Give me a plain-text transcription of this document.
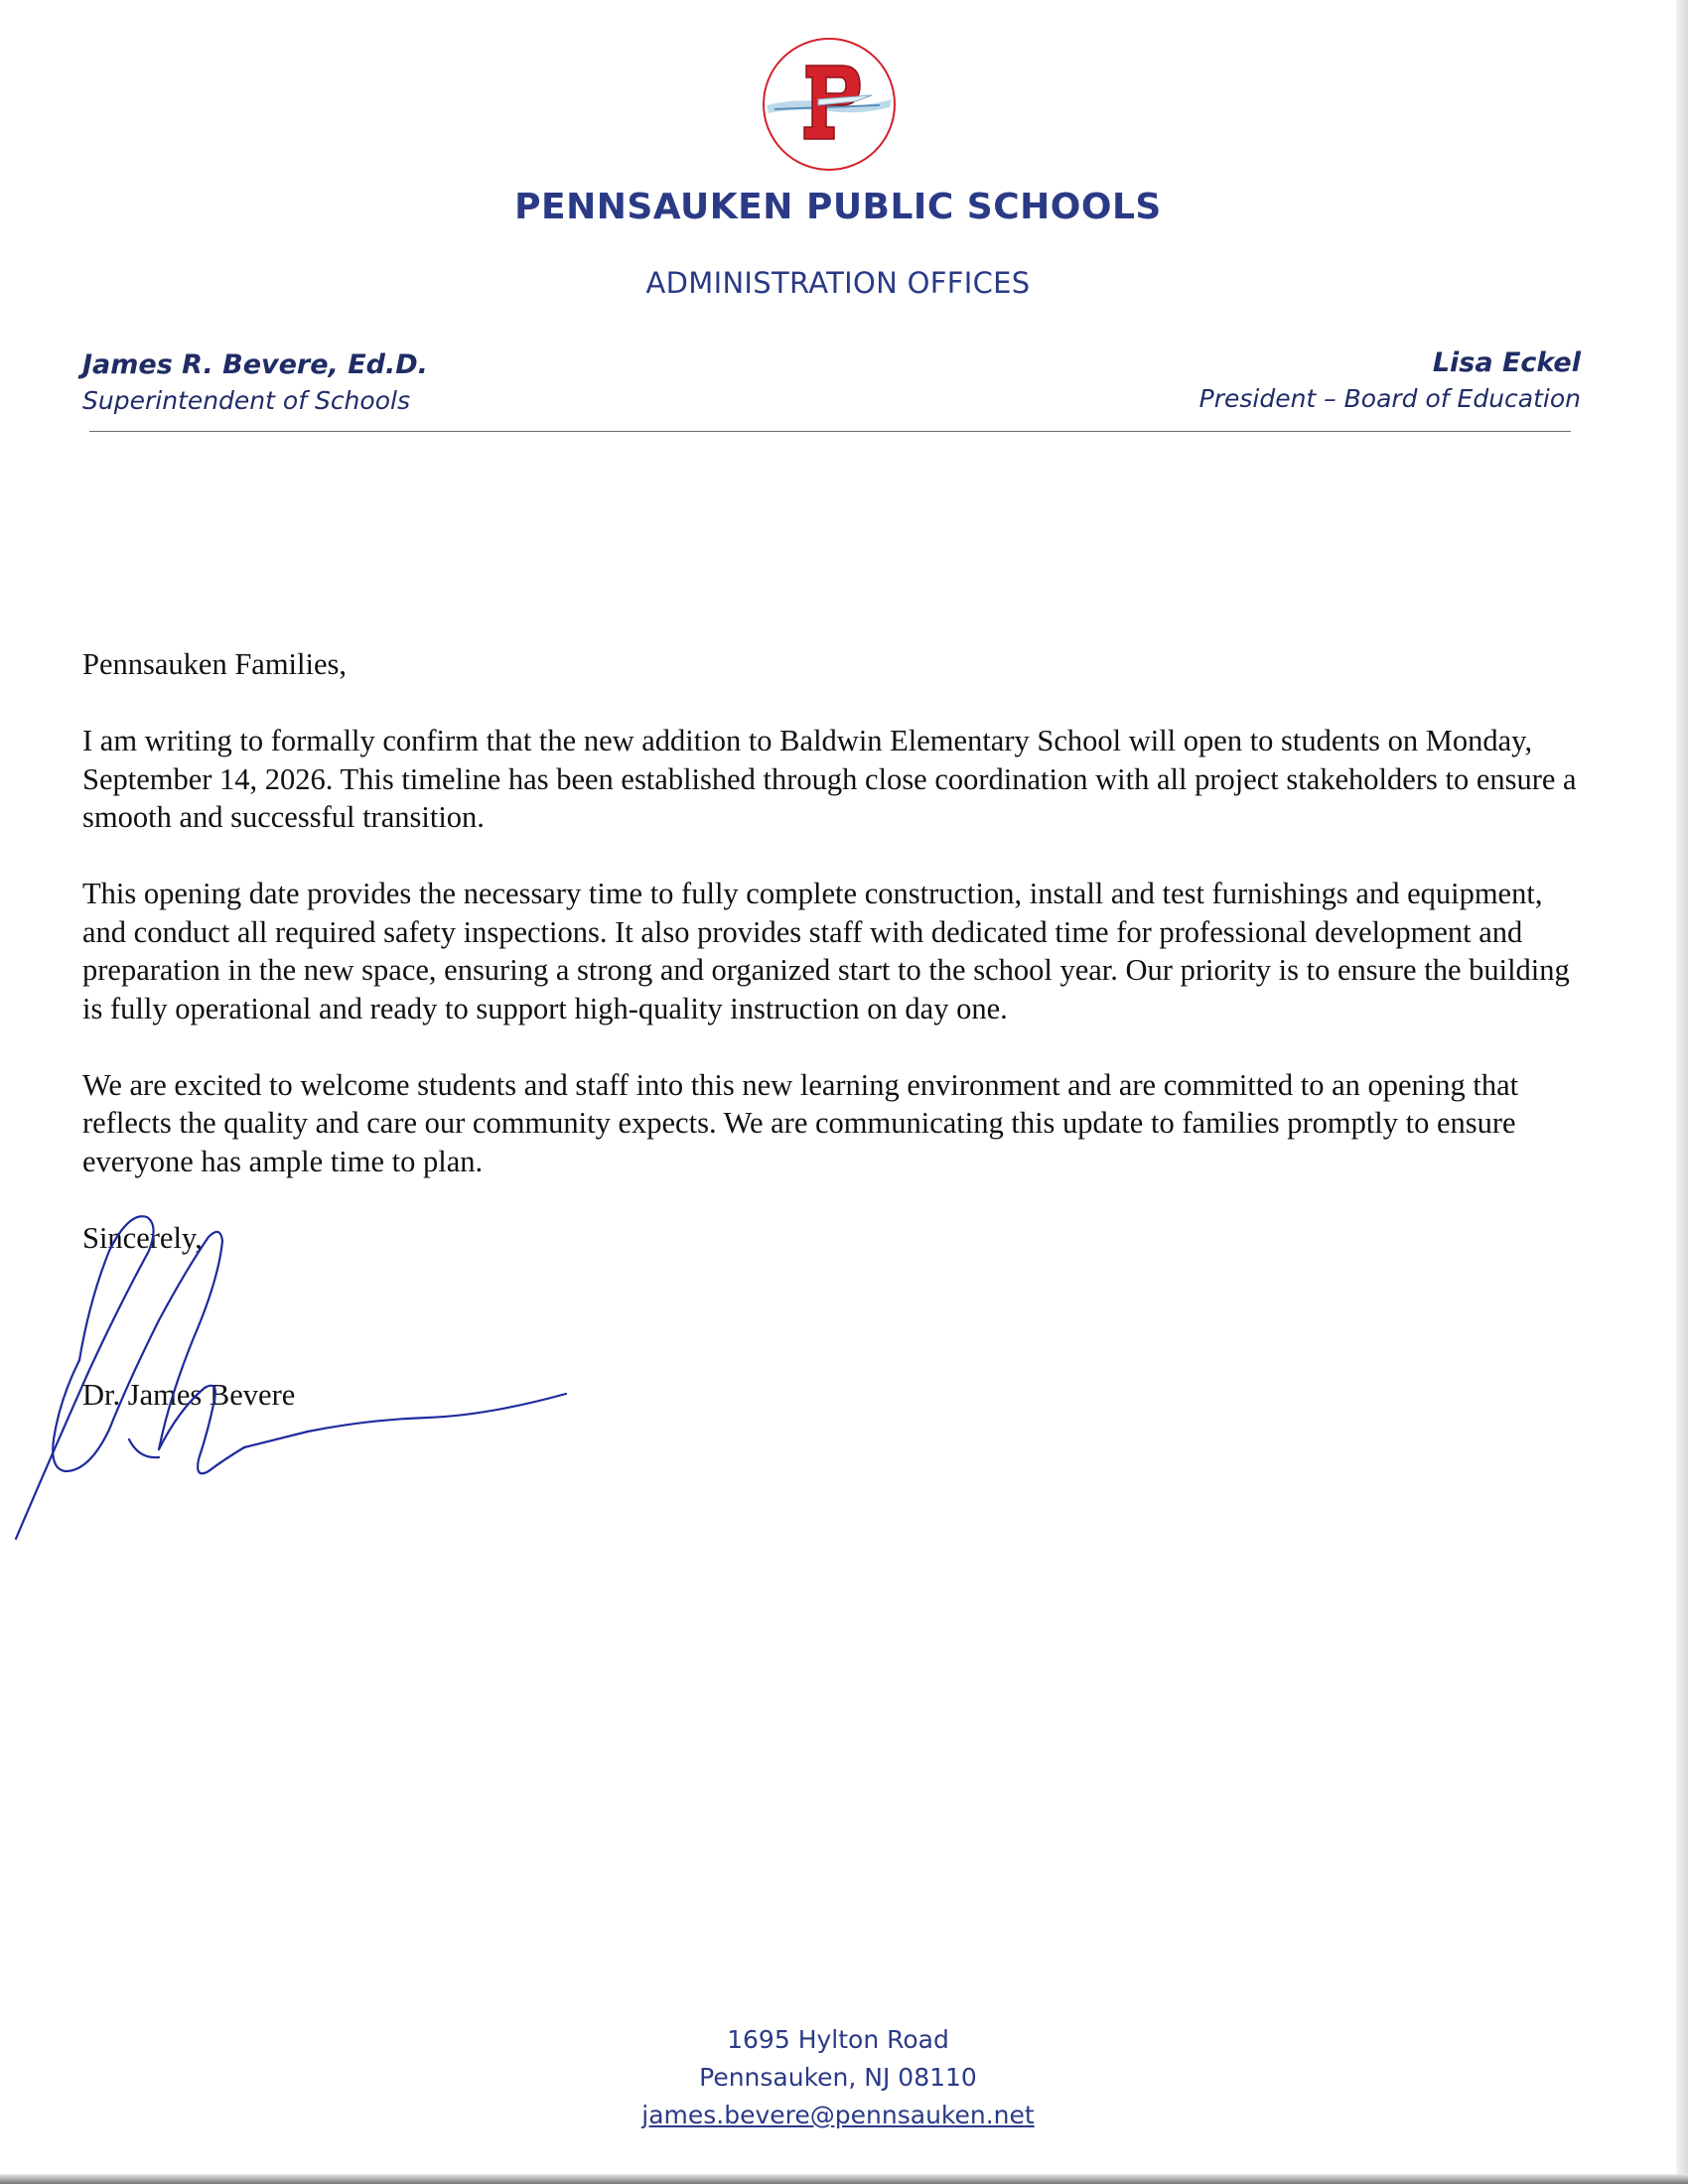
PENNSAUKEN PUBLIC SCHOOLS
ADMINISTRATION OFFICES
James R. Bevere, Ed.D.
Superintendent of Schools
Lisa Eckel
President – Board of Education

Pennsauken Families,

I am writing to formally confirm that the new addition to Baldwin Elementary School will open to students on Monday, September 14, 2026. This timeline has been established through close coordination with all project stakeholders to ensure a smooth and successful transition.

This opening date provides the necessary time to fully complete construction, install and test furnishings and equipment, and conduct all required safety inspections. It also provides staff with dedicated time for professional development and preparation in the new space, ensuring a strong and organized start to the school year. Our priority is to ensure the building is fully operational and ready to support high-quality instruction on day one.

We are excited to welcome students and staff into this new learning environment and are committed to an opening that reflects the quality and care our community expects. We are communicating this update to families promptly to ensure everyone has ample time to plan.

Sincerely,

Dr. James Bevere

1695 Hylton Road
Pennsauken, NJ 08110
james.bevere@pennsauken.net
